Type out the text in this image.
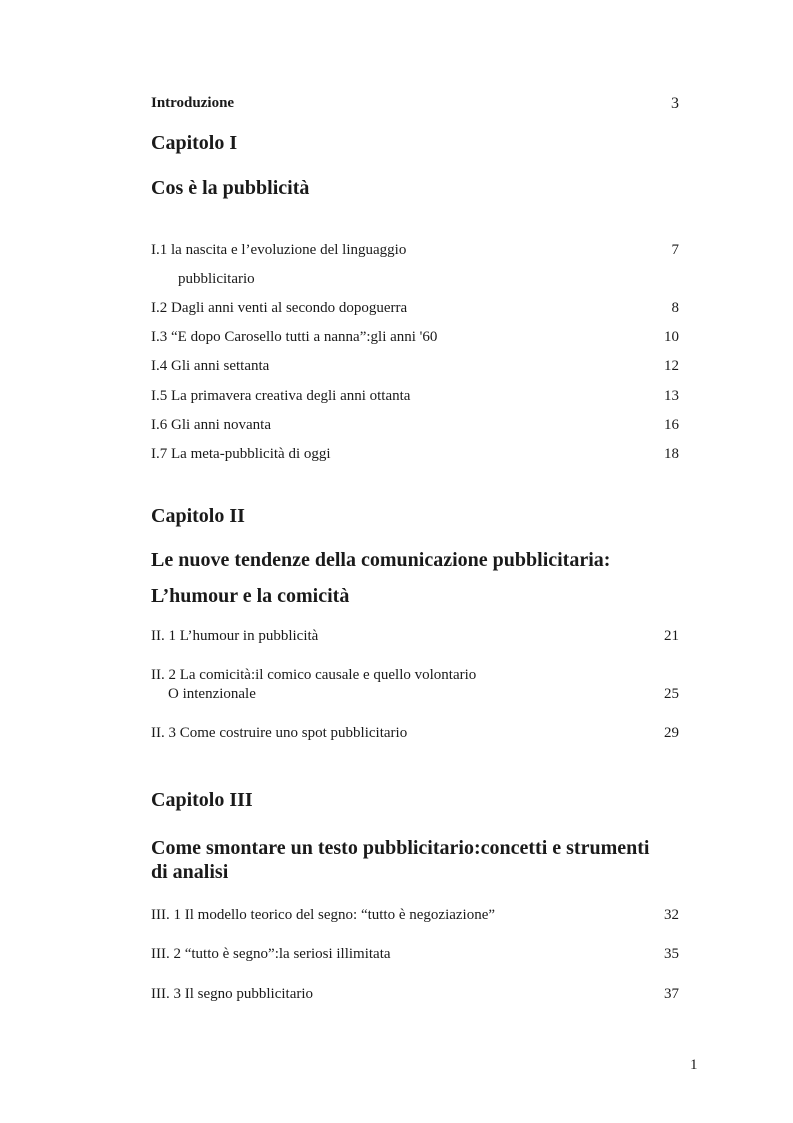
Introduzione	3
Capitolo I
Cos è la pubblicità
I.1 la nascita e l’evoluzione del linguaggio	7
pubblicitario
I.2 Dagli anni venti al secondo dopoguerra	8
I.3 “E dopo Carosello tutti a nanna”:gli anni '60	10
I.4 Gli anni settanta	12
I.5 La primavera creativa degli anni ottanta	13
I.6 Gli anni novanta	16
I.7 La meta-pubblicità di oggi	18
Capitolo II
Le nuove tendenze della comunicazione pubblicitaria:
L’humour e la comicità
II. 1 L’humour in pubblicità	21
II. 2 La comicità:il comico causale e quello volontario
O intenzionale	25
II. 3 Come costruire uno spot pubblicitario	29
Capitolo III
Come smontare un testo pubblicitario:concetti e strumenti
di analisi
III. 1 Il modello teorico del segno: “tutto è negoziazione”	32
III. 2 “tutto è segno”:la seriosi illimitata	35
III. 3 Il segno pubblicitario	37
1
